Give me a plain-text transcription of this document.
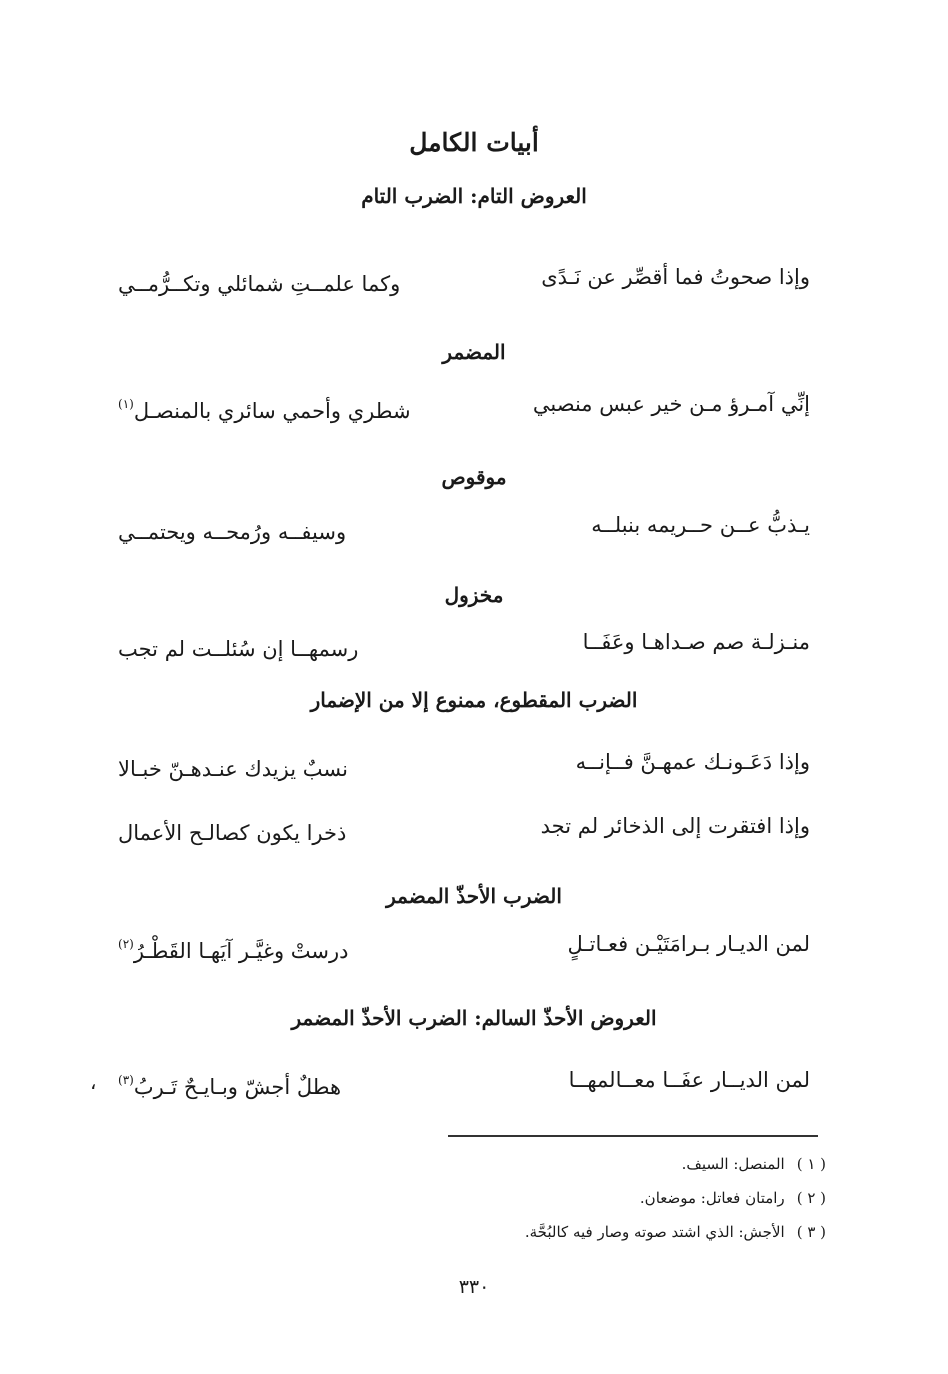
أبيات الكامل
العروض التام: الضرب التام
وإذا صحوتُ فما أقصِّر عن نَـدًى
وكما علمــتِ شمائلي وتكــرُّمــي
المضمر
إنِّي آمـرؤ مـن خير عبس منصبي
شطري وأحمي سائري بالمنصـل$^{(١)}$
موقوص
يـذبُّ عــن حــريمه بنبلــه
وسيفــه ورُمحــه ويحتمــي
مخزول
منـزلـة صم صـداهـا وعَفَــا
رسمهــا إن سُئلــت لم تجب
الضرب المقطوع، ممنوع إلا من الإضمار
وإذا دَعَـونـك عمهـنَّ فــإنــه
نسبٌ يزيدك عنـدهـنّ خبـالا
وإذا افتقرت إلى الذخائر لم تجد
ذخرا يكون كصالـح الأعمال
الضرب الأحذّ المضمر
لمن الديـار بـرامَتَيْـن فعـاتـلٍ
درستْ وغيَّـر آيَهـا القَطْـرُ$^{(٢)}$
العروض الأحذّ السالم: الضرب الأحذّ المضمر
لمن الديــار عفَــا معــالمهــا
هطلٌ أجشّ وبـايـحٌ تَـربُ$^{(٣)}$
،
( ١ )المنصل: السيف.
( ٢ )رامتان فعاتل: موضعان.
( ٣ )الأجش: الذي اشتد صوته وصار فيه كالبُحَّة.
٣٣٠
